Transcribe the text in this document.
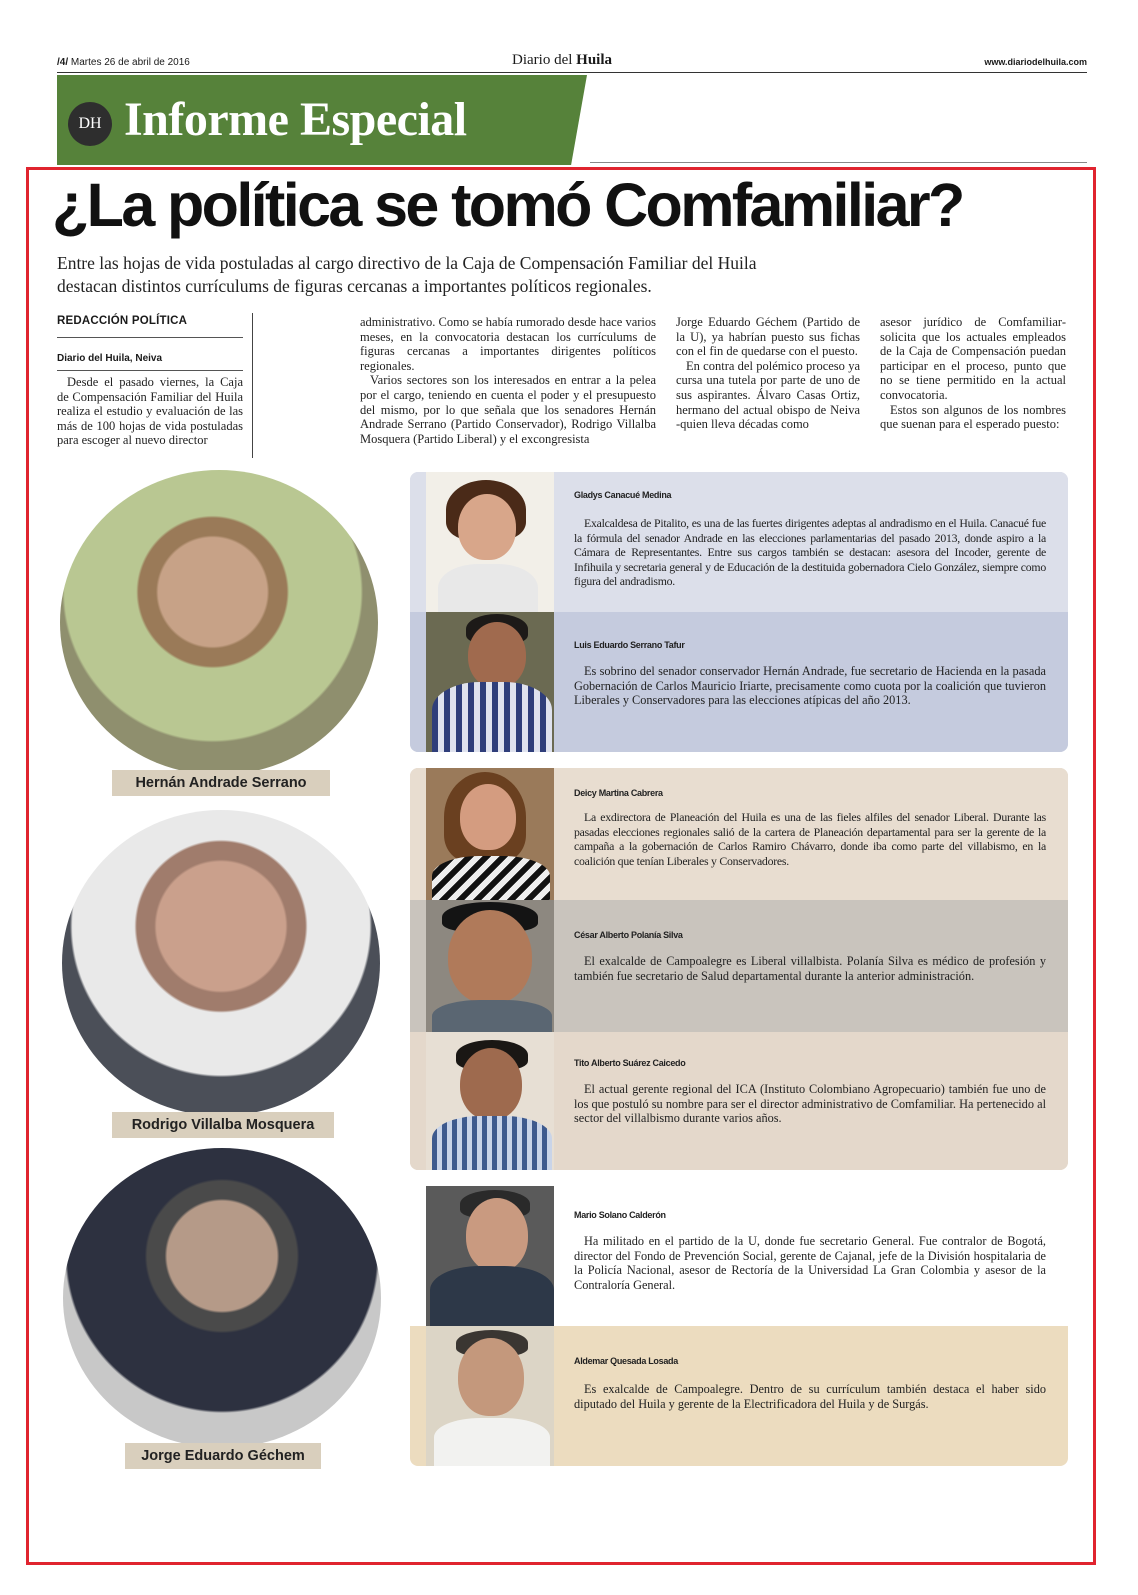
/4/ Martes 26 de abril de 2016	Diario del Huila	www.diariodelhuila.com
DH Informe Especial
¿La política se tomó Comfamiliar?

Entre las hojas de vida postuladas al cargo directivo de la Caja de Compensación Familiar del Huila destacan distintos currículums de figuras cercanas a importantes políticos regionales.

REDACCIÓN POLÍTICA
Diario del Huila, Neiva

Desde el pasado viernes, la Caja de Compensación Familiar del Huila realiza el estudio y evaluación de las más de 100 hojas de vida postuladas para escoger al nuevo director

administrativo. Como se había rumorado desde hace varios meses, en la convocatoria destacan los currículums de figuras cercanas a importantes dirigentes políticos regionales.

Varios sectores son los interesados en entrar a la pelea por el cargo, teniendo en cuenta el poder y el presupuesto del mismo, por lo que señala que los senadores Hernán Andrade Serrano (Partido Conservador), Rodrigo Villalba Mosquera (Partido Liberal) y el excongresista

Jorge Eduardo Géchem (Partido de la U), ya habrían puesto sus fichas con el fin de quedarse con el puesto.

En contra del polémico proceso ya cursa una tutela por parte de uno de sus aspirantes. Álvaro Casas Ortiz, hermano del actual obispo de Neiva -quien lleva décadas como

asesor jurídico de Comfamiliar- solicita que los actuales empleados de la Caja de Compensación puedan participar en el proceso, punto que no se tiene permitido en la actual convocatoria.

Estos son algunos de los nombres que suenan para el esperado puesto:

Hernán Andrade Serrano
Rodrigo Villalba Mosquera
Jorge Eduardo Géchem
Gladys Canacué Medina

Exalcaldesa de Pitalito, es una de las fuertes dirigentes adeptas al andradismo en el Huila. Canacué fue la fórmula del senador Andrade en las elecciones parlamentarias del pasado 2013, donde aspiro a la Cámara de Representantes. Entre sus cargos también se destacan: asesora del Incoder, gerente de Infihuila y secretaria general y de Educación de la destituida gobernadora Cielo González, siempre como figura del andradismo.

Luis Eduardo Serrano Tafur

Es sobrino del senador conservador Hernán Andrade, fue secretario de Hacienda en la pasada Gobernación de Carlos Mauricio Iriarte, precisamente como cuota por la coalición que tuvieron Liberales y Conservadores para las elecciones atípicas del año 2013.

Deicy Martina Cabrera

La exdirectora de Planeación del Huila es una de las fieles alfiles del senador Liberal. Durante las pasadas elecciones regionales salió de la cartera de Planeación departamental para ser la gerente de la campaña a la gobernación de Carlos Ramiro Chávarro, donde iba como parte del villabismo, en la coalición que tenían Liberales y Conservadores.

César Alberto Polanía Silva

El exalcalde de Campoalegre es Liberal villalbista. Polanía Silva es médico de profesión y también fue secretario de Salud departamental durante la anterior administración.

Tito Alberto Suárez Caicedo

El actual gerente regional del ICA (Instituto Colombiano Agropecuario) también fue uno de los que postuló su nombre para ser el director administrativo de Comfamiliar. Ha pertenecido al sector del villalbismo durante varios años.

Mario Solano Calderón

Ha militado en el partido de la U, donde fue secretario General. Fue contralor de Bogotá, director del Fondo de Prevención Social, gerente de Cajanal, jefe de la División hospitalaria de la Policía Nacional, asesor de Rectoría de la Universidad La Gran Colombia y asesor de la Contraloría General.

Aldemar Quesada Losada

Es exalcalde de Campoalegre. Dentro de su currículum también destaca el haber sido diputado del Huila y gerente de la Electrificadora del Huila y de Surgás.
